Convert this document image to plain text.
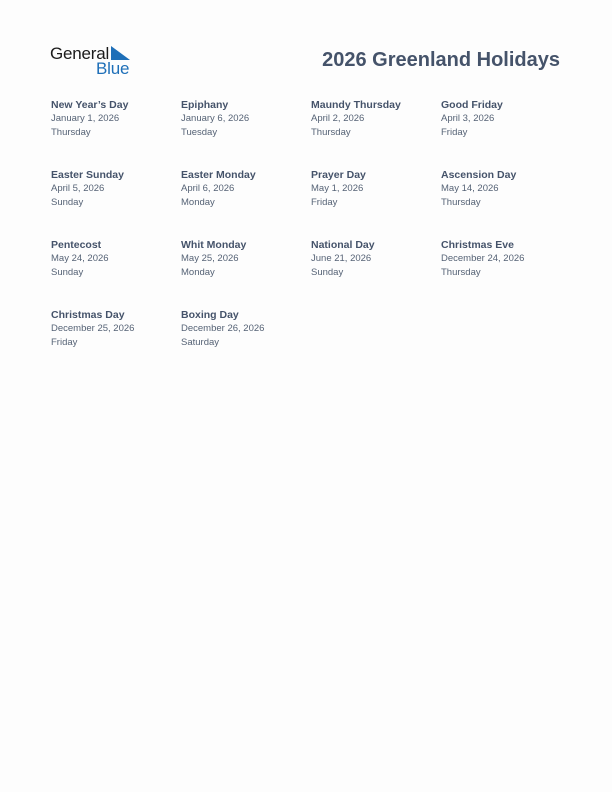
General
Blue	2026 Greenland Holidays
New Year’s Day
January 1, 2026
Thursday
Epiphany
January 6, 2026
Tuesday
Maundy Thursday
April 2, 2026
Thursday
Good Friday
April 3, 2026
Friday
Easter Sunday
April 5, 2026
Sunday
Easter Monday
April 6, 2026
Monday
Prayer Day
May 1, 2026
Friday
Ascension Day
May 14, 2026
Thursday
Pentecost
May 24, 2026
Sunday
Whit Monday
May 25, 2026
Monday
National Day
June 21, 2026
Sunday
Christmas Eve
December 24, 2026
Thursday
Christmas Day
December 25, 2026
Friday
Boxing Day
December 26, 2026
Saturday
